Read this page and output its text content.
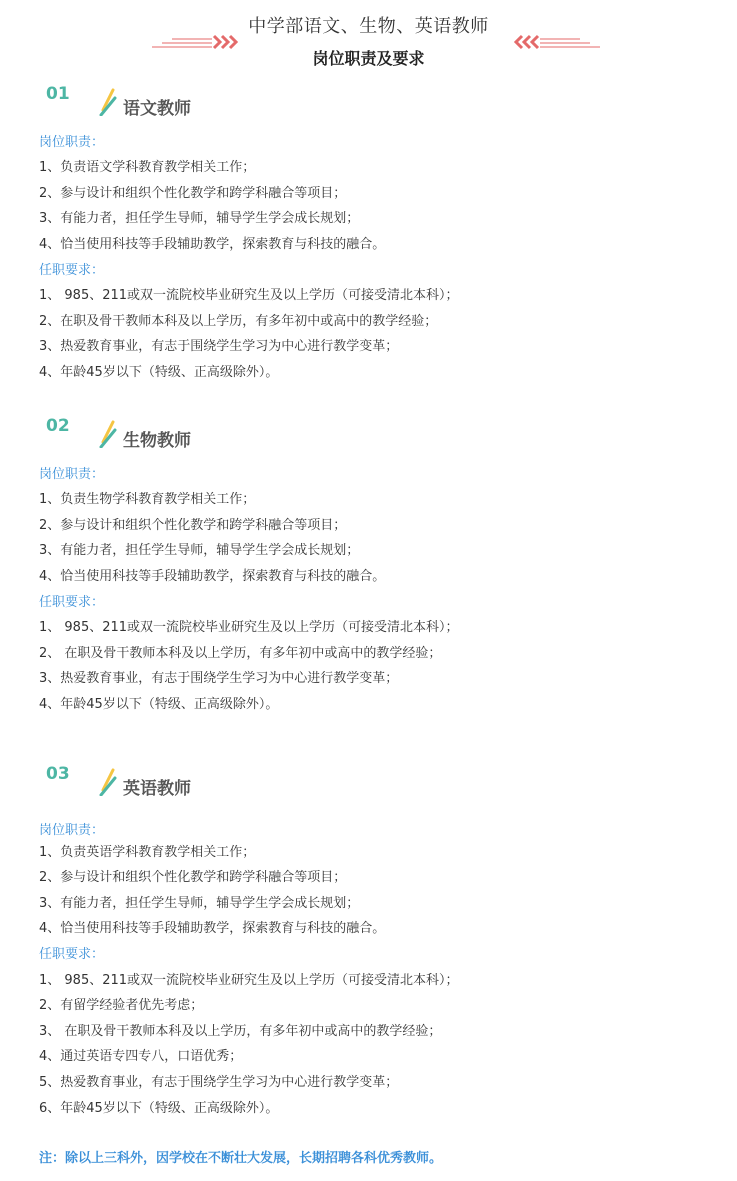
中学部语文、生物、英语教师
岗位职责及要求
01
语文教师
岗位职责：
1、负责语文学科教育教学相关工作；
2、参与设计和组织个性化教学和跨学科融合等项目；
3、有能力者，担任学生导师，辅导学生学会成长规划；
4、恰当使用科技等手段辅助教学，探索教育与科技的融合。
任职要求：
1、 985、211或双一流院校毕业研究生及以上学历（可接受清北本科）；
2、在职及骨干教师本科及以上学历，有多年初中或高中的教学经验；
3、热爱教育事业，有志于围绕学生学习为中心进行教学变革；
4、年龄45岁以下（特级、正高级除外）。
02
生物教师
岗位职责：
1、负责生物学科教育教学相关工作；
2、参与设计和组织个性化教学和跨学科融合等项目；
3、有能力者，担任学生导师，辅导学生学会成长规划；
4、恰当使用科技等手段辅助教学，探索教育与科技的融合。
任职要求：
1、 985、211或双一流院校毕业研究生及以上学历（可接受清北本科）；
2、 在职及骨干教师本科及以上学历，有多年初中或高中的教学经验；
3、热爱教育事业，有志于围绕学生学习为中心进行教学变革；
4、年龄45岁以下（特级、正高级除外）。
03
英语教师
岗位职责：
1、负责英语学科教育教学相关工作；
2、参与设计和组织个性化教学和跨学科融合等项目；
3、有能力者，担任学生导师，辅导学生学会成长规划；
4、恰当使用科技等手段辅助教学，探索教育与科技的融合。
任职要求：
1、 985、211或双一流院校毕业研究生及以上学历（可接受清北本科）；
2、有留学经验者优先考虑；
3、 在职及骨干教师本科及以上学历，有多年初中或高中的教学经验；
4、通过英语专四专八，口语优秀；
5、热爱教育事业，有志于围绕学生学习为中心进行教学变革；
6、年龄45岁以下（特级、正高级除外）。
注：除以上三科外，因学校在不断壮大发展，长期招聘各科优秀教师。
